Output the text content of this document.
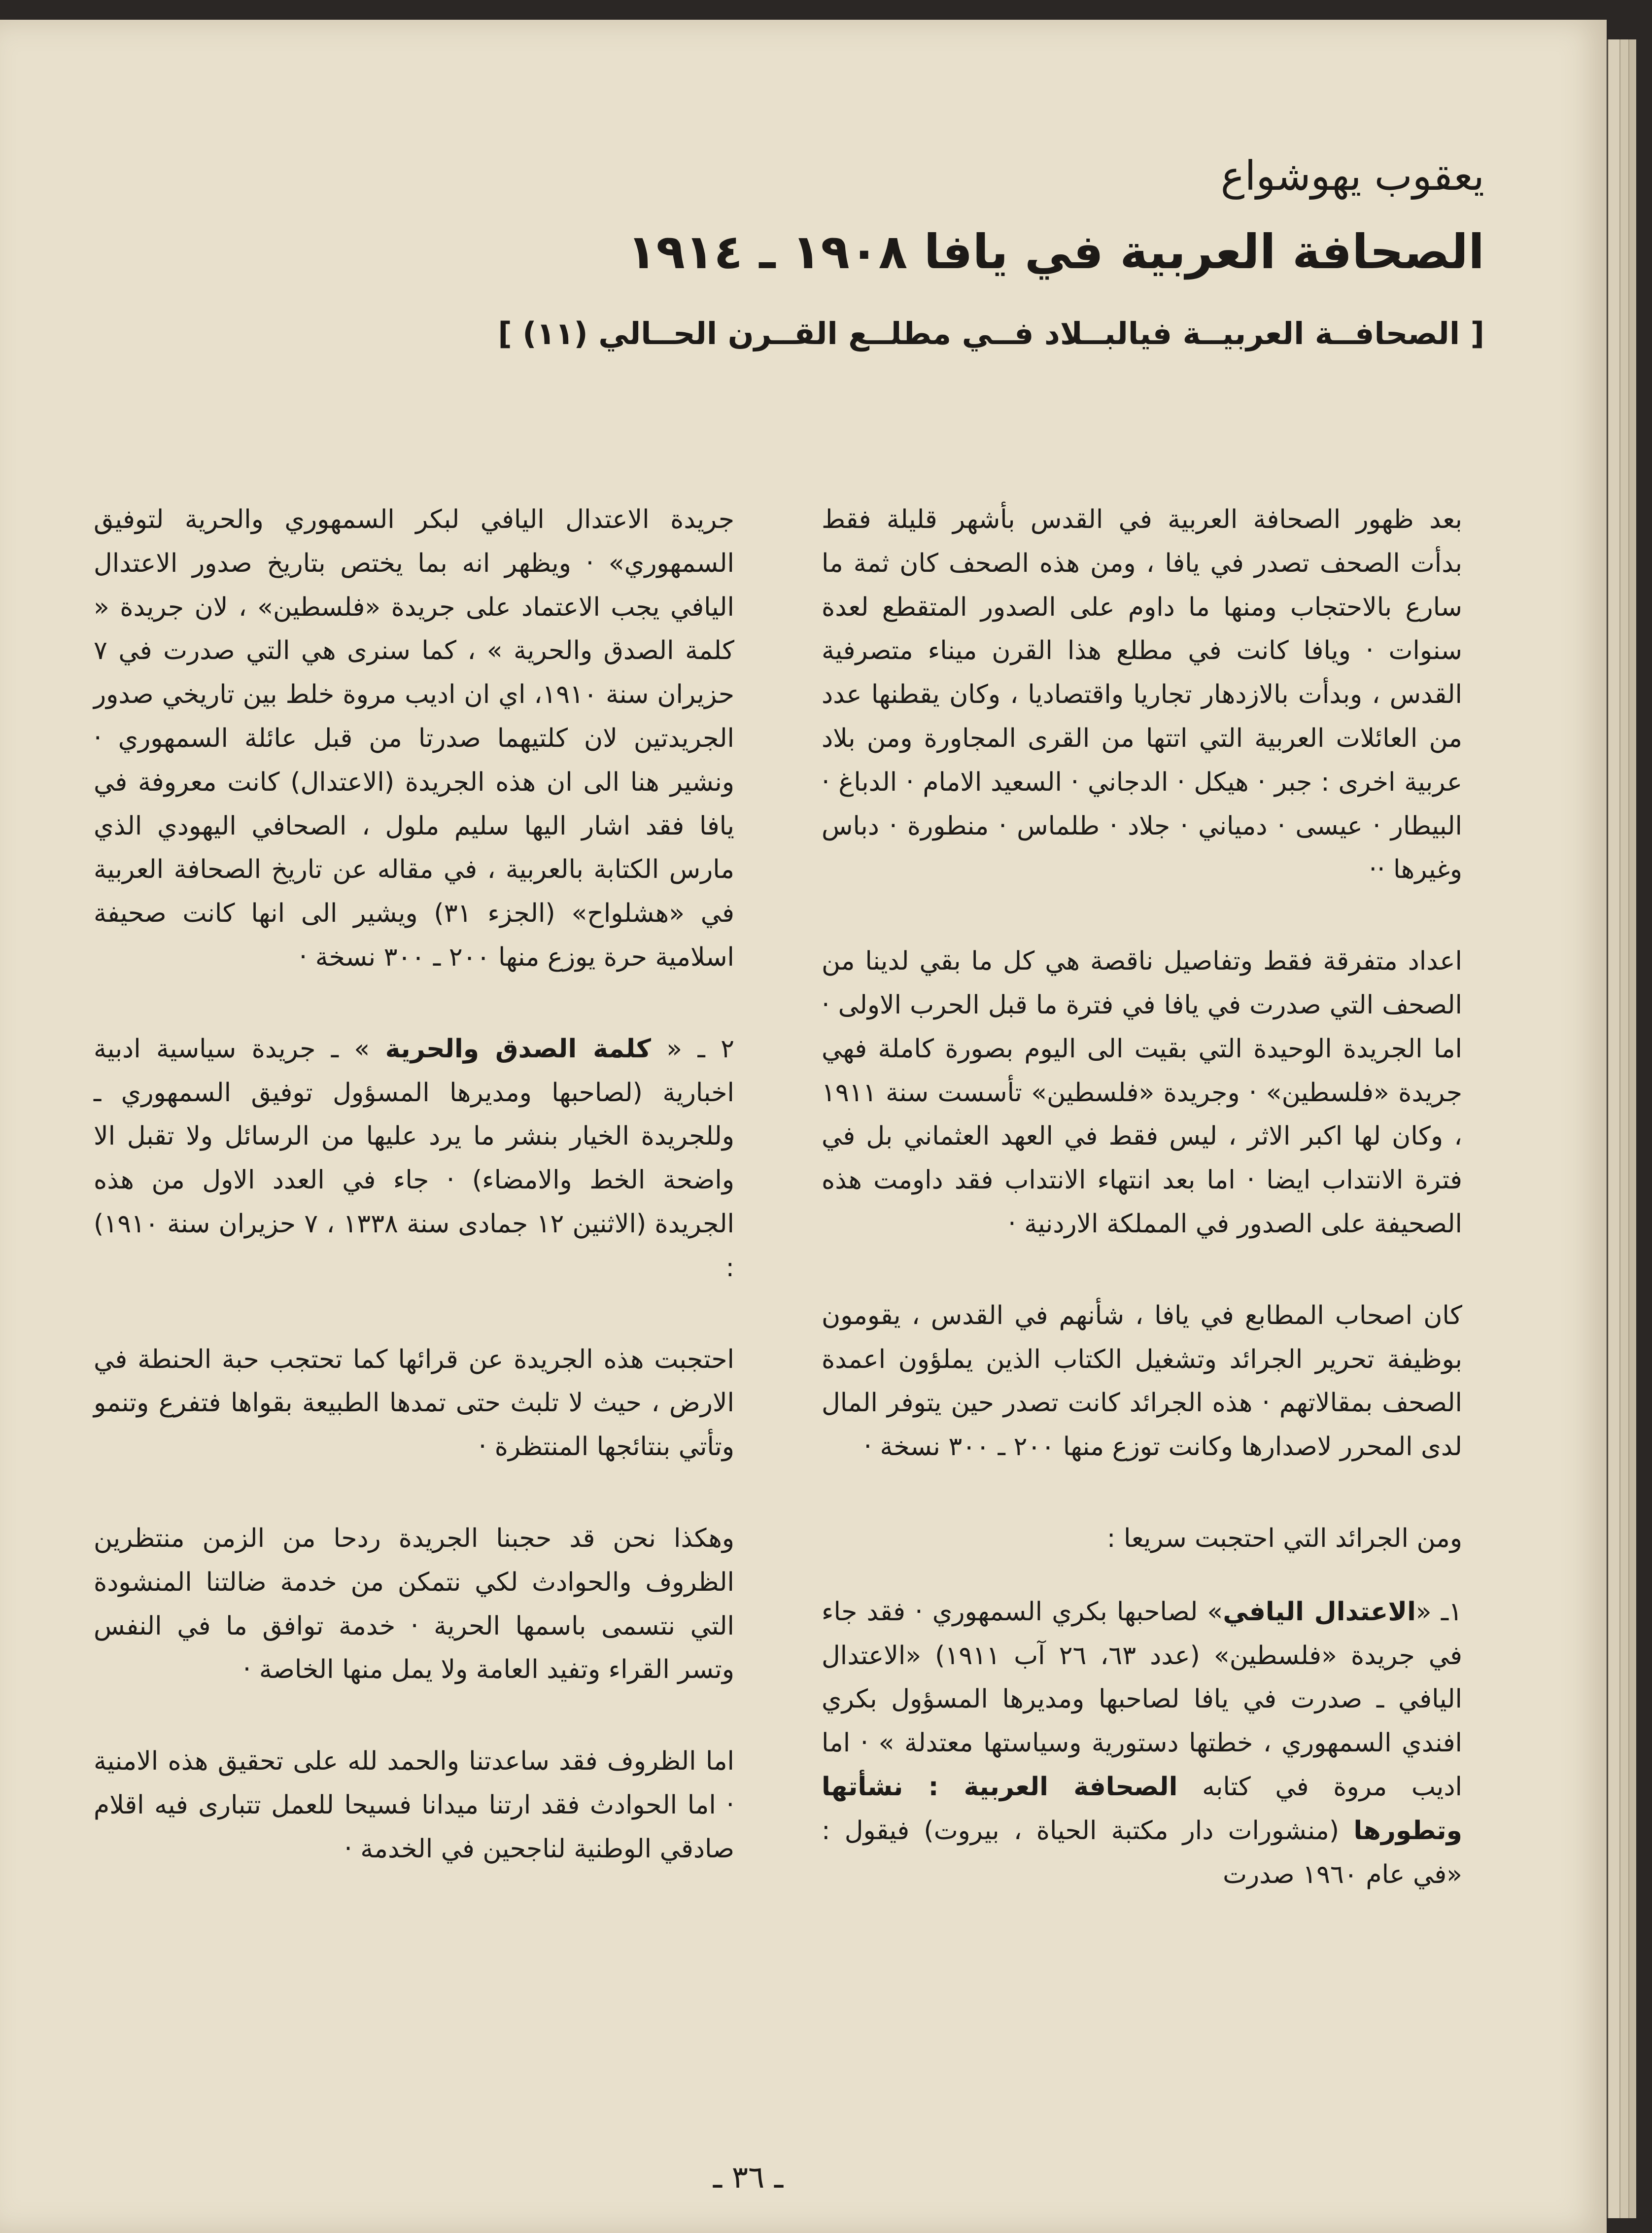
يعقوب يهوشواع
الصحافة العربية في يافا ١٩٠٨ ـ ١٩١٤
[ الصحافــة العربيــة فيالبــلاد فــي مطلــع القــرن الحــالي (١١) ]

بعد ظهور الصحافة العربية في القدس بأشهر قليلة فقط بدأت الصحف تصدر في يافا ، ومن هذه الصحف كان ثمة ما سارع بالاحتجاب ومنها ما داوم على الصدور المتقطع لعدة سنوات · ويافا كانت في مطلع هذا القرن ميناء متصرفية القدس ، وبدأت بالازدهار تجاريا واقتصاديا ، وكان يقطنها عدد من العائلات العربية التي اتتها من القرى المجاورة ومن بلاد عربية اخرى : جبر · هيكل · الدجاني · السعيد الامام · الدباغ · البيطار · عيسى · دمياني · جلاد · طلماس · منطورة · دباس وغيرها ··

اعداد متفرقة فقط وتفاصيل ناقصة هي كل ما بقي لدينا من الصحف التي صدرت في يافا في فترة ما قبل الحرب الاولى · اما الجريدة الوحيدة التي بقيت الى اليوم بصورة كاملة فهي جريدة «فلسطين» · وجريدة «فلسطين» تأسست سنة ١٩١١ ، وكان لها اكبر الاثر ، ليس فقط في العهد العثماني بل في فترة الانتداب ايضا · اما بعد انتهاء الانتداب فقد داومت هذه الصحيفة على الصدور في المملكة الاردنية ·

كان اصحاب المطابع في يافا ، شأنهم في القدس ، يقومون بوظيفة تحرير الجرائد وتشغيل الكتاب الذين يملؤون اعمدة الصحف بمقالاتهم · هذه الجرائد كانت تصدر حين يتوفر المال لدى المحرر لاصدارها وكانت توزع منها ٢٠٠ ـ ٣٠٠ نسخة ·

ومن الجرائد التي احتجبت سريعا :

١ـ «الاعتدال اليافي» لصاحبها بكري السمهوري · فقد جاء في جريدة «فلسطين» (عدد ٦٣، ٢٦ آب ١٩١١) «الاعتدال اليافي ـ صدرت في يافا لصاحبها ومديرها المسؤول بكري افندي السمهوري ، خطتها دستورية وسياستها معتدلة » · اما اديب مروة في كتابه الصحافة العربية : نشأتها وتطورها (منشورات دار مكتبة الحياة ، بيروت) فيقول : «في عام ١٩٦٠ صدرت

جريدة الاعتدال اليافي لبكر السمهوري والحرية لتوفيق السمهوري» · ويظهر انه بما يختص بتاريخ صدور الاعتدال اليافي يجب الاعتماد على جريدة «فلسطين» ، لان جريدة « كلمة الصدق والحرية » ، كما سنرى هي التي صدرت في ٧ حزيران سنة ١٩١٠، اي ان اديب مروة خلط بين تاريخي صدور الجريدتين لان كلتيهما صدرتا من قبل عائلة السمهوري · ونشير هنا الى ان هذه الجريدة (الاعتدال) كانت معروفة في يافا فقد اشار اليها سليم ملول ، الصحافي اليهودي الذي مارس الكتابة بالعربية ، في مقاله عن تاريخ الصحافة العربية في «هشلواح» (الجزء ٣١) ويشير الى انها كانت صحيفة اسلامية حرة يوزع منها ٢٠٠ ـ ٣٠٠ نسخة ·

٢ ـ « كلمة الصدق والحرية » ـ جريدة سياسية ادبية اخبارية (لصاحبها ومديرها المسؤول توفيق السمهوري ـ وللجريدة الخيار بنشر ما يرد عليها من الرسائل ولا تقبل الا واضحة الخط والامضاء) · جاء في العدد الاول من هذه الجريدة (الاثنين ١٢ جمادى سنة ١٣٣٨ ، ٧ حزيران سنة ١٩١٠) :

احتجبت هذه الجريدة عن قرائها كما تحتجب حبة الحنطة في الارض ، حيث لا تلبث حتى تمدها الطبيعة بقواها فتفرع وتنمو وتأتي بنتائجها المنتظرة ·

وهكذا نحن قد حجبنا الجريدة ردحا من الزمن منتظرين الظروف والحوادث لكي نتمكن من خدمة ضالتنا المنشودة التي نتسمى باسمها الحرية · خدمة توافق ما في النفس وتسر القراء وتفيد العامة ولا يمل منها الخاصة ·

اما الظروف فقد ساعدتنا والحمد لله على تحقيق هذه الامنية · اما الحوادث فقد ارتنا ميدانا فسيحا للعمل تتبارى فيه اقلام صادقي الوطنية لناجحين في الخدمة ·

ـ ٣٦ ـ
